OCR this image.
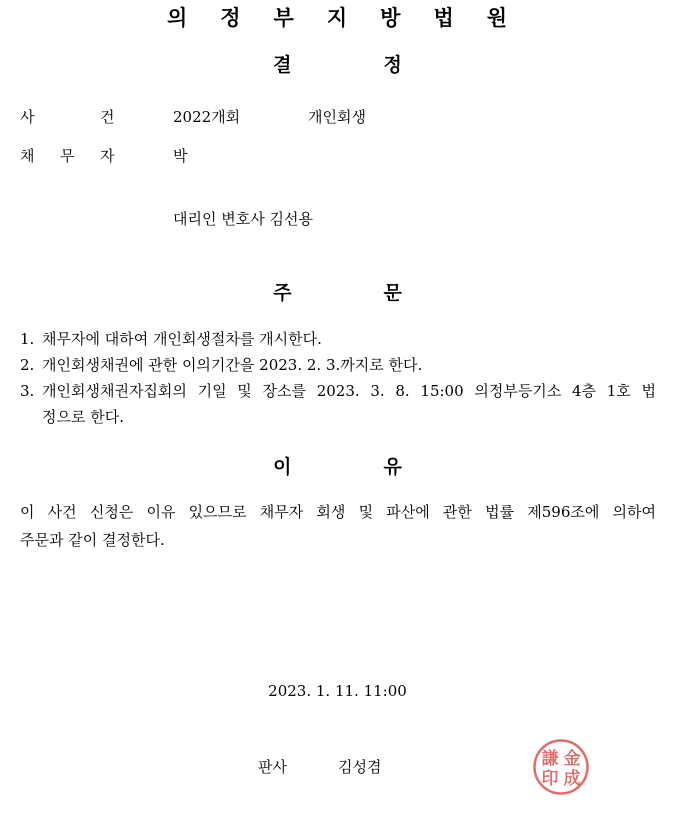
의 정 부 지 방 법 원
결	정
사	건	2022개회	개인회생
채 무 자	박
대리인 변호사 김선용
주	문
1. 채무자에 대하여 개인회생절차를 개시한다.
2. 개인회생채권에 관한 이의기간을 2023. 2. 3.까지로 한다.
3. 개인회생채권자집회의 기일 및 장소를 2023. 3. 8. 15:00 의정부등기소 4층 1호 법
정으로 한다.
이	유
이 사건 신청은 이유 있으므로 채무자 회생 및 파산에 관한 법률 제596조에 의하여
주문과 같이 결정한다.
2023. 1. 11. 11:00
판사	김성겸	金
成
謙
印
